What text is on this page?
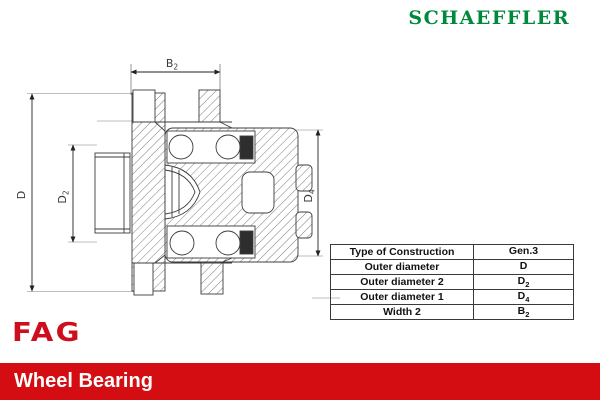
SCHAEFFLER
$B_2$
D
$D_2$
$D_4$
Type of Construction	Gen.3
Outer diameter	D
Outer diameter 2	$D_2$
Outer diameter 1	$D_4$
Width 2	$B_2$
FAG
Wheel Bearing
